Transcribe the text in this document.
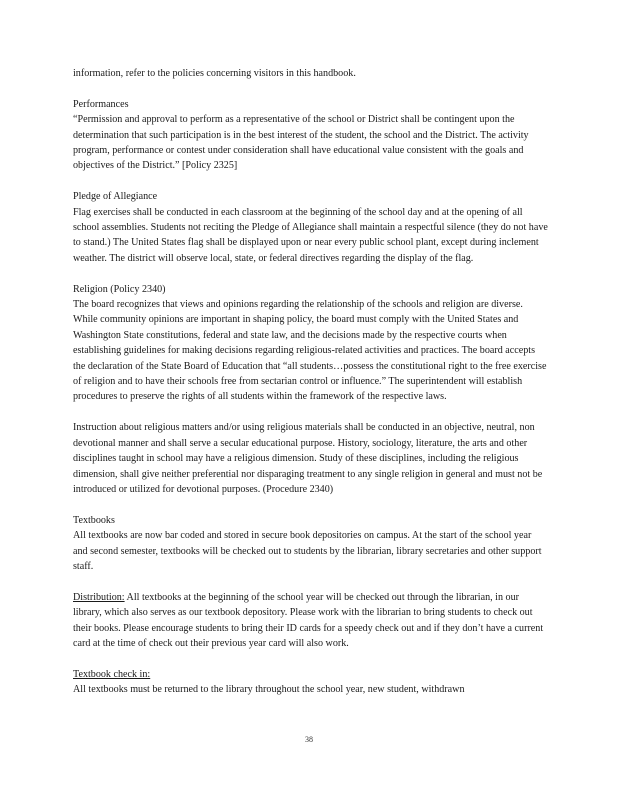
information, refer to the policies concerning visitors in this handbook.

Performances

“Permission and approval to perform as a representative of the school or District shall be contingent upon the determination that such participation is in the best interest of the student, the school and the District. The activity program, performance or contest under consideration shall have educational value consistent with the goals and objectives of the District.” [Policy 2325]

Pledge of Allegiance

Flag exercises shall be conducted in each classroom at the beginning of the school day and at the opening of all school assemblies. Students not reciting the Pledge of Allegiance shall maintain a respectful silence (they do not have to stand.) The United States flag shall be displayed upon or near every public school plant, except during inclement weather. The district will observe local, state, or federal directives regarding the display of the flag.

Religion (Policy 2340)

The board recognizes that views and opinions regarding the relationship of the schools and religion are diverse. While community opinions are important in shaping policy, the board must comply with the United States and Washington State constitutions, federal and state law, and the decisions made by the respective courts when establishing guidelines for making decisions regarding religious-related activities and practices. The board accepts the declaration of the State Board of Education that “all students…possess the constitutional right to the free exercise of religion and to have their schools free from sectarian control or influence.” The superintendent will establish procedures to preserve the rights of all students within the framework of the respective laws.

Instruction about religious matters and/or using religious materials shall be conducted in an objective, neutral, non devotional manner and shall serve a secular educational purpose. History, sociology, literature, the arts and other disciplines taught in school may have a religious dimension. Study of these disciplines, including the religious dimension, shall give neither preferential nor disparaging treatment to any single religion in general and must not be introduced or utilized for devotional purposes. (Procedure 2340)

Textbooks

All textbooks are now bar coded and stored in secure book depositories on campus. At the start of the school year and second semester, textbooks will be checked out to students by the librarian, library secretaries and other support staff.

Distribution: All textbooks at the beginning of the school year will be checked out through the librarian, in our library, which also serves as our textbook depository. Please work with the librarian to bring students to check out their books. Please encourage students to bring their ID cards for a speedy check out and if they don’t have a current card at the time of check out their previous year card will also work.

Textbook check in:
All textbooks must be returned to the library throughout the school year, new student, withdrawn

38
